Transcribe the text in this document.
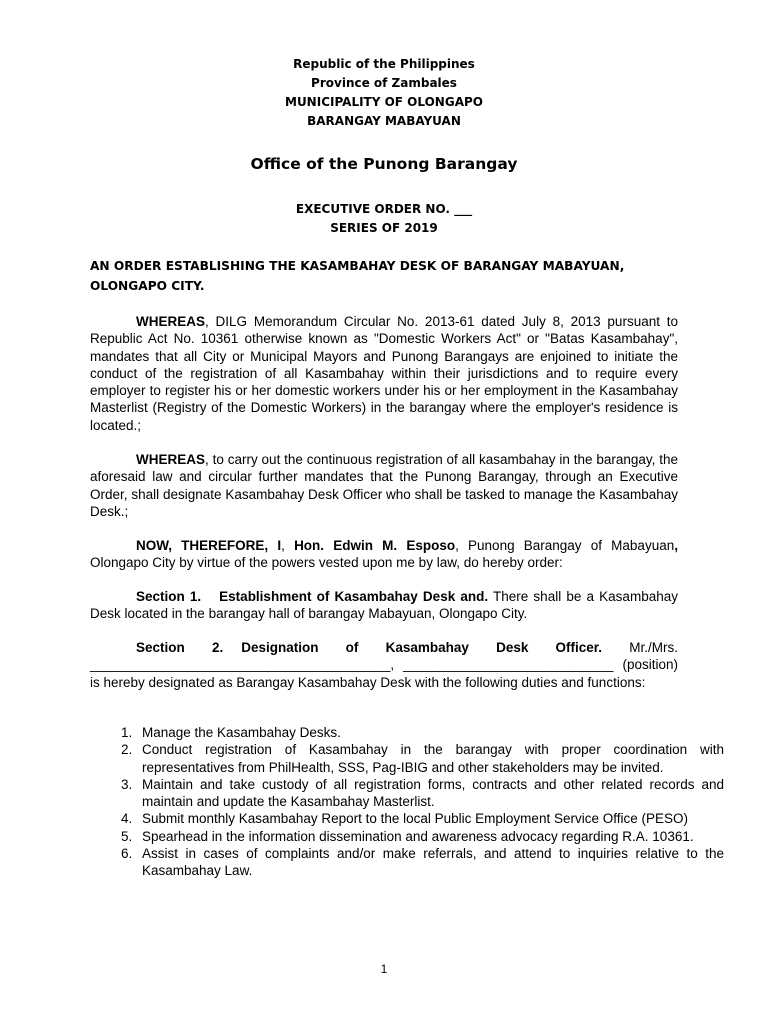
Republic of the Philippines
Province of Zambales
MUNICIPALITY OF OLONGAPO
BARANGAY MABAYUAN
Office of the Punong Barangay
EXECUTIVE ORDER NO. ___
SERIES OF 2019
AN ORDER ESTABLISHING THE KASAMBAHAY DESK OF BARANGAY MABAYUAN, OLONGAPO CITY.
WHEREAS, DILG Memorandum Circular No. 2013-61 dated July 8, 2013 pursuant to Republic Act No. 10361 otherwise known as "Domestic Workers Act" or "Batas Kasambahay", mandates that all City or Municipal Mayors and Punong Barangays are enjoined to initiate the conduct of the registration of all Kasambahay within their jurisdictions and to require every employer to register his or her domestic workers under his or her employment in the Kasambahay Masterlist (Registry of the Domestic Workers) in the barangay where the employer's residence is located.;
WHEREAS, to carry out the continuous registration of all kasambahay in the barangay, the aforesaid law and circular further mandates that the Punong Barangay, through an Executive Order, shall designate Kasambahay Desk Officer who shall be tasked to manage the Kasambahay Desk.;
NOW, THEREFORE, I, Hon. Edwin M. Esposo, Punong Barangay of Mabayuan, Olongapo City by virtue of the powers vested upon me by law, do hereby order:
Section 1. Establishment of Kasambahay Desk and. There shall be a Kasambahay Desk located in the barangay hall of barangay Mabayuan, Olongapo City.
Section 2. Designation of Kasambahay Desk Officer. Mr./Mrs. ________________________________________, ____________________________ (position) is hereby designated as Barangay Kasambahay Desk with the following duties and functions:
1. Manage the Kasambahay Desks.
2. Conduct registration of Kasambahay in the barangay with proper coordination with representatives from PhilHealth, SSS, Pag-IBIG and other stakeholders may be invited.
3. Maintain and take custody of all registration forms, contracts and other related records and maintain and update the Kasambahay Masterlist.
4. Submit monthly Kasambahay Report to the local Public Employment Service Office (PESO)
5. Spearhead in the information dissemination and awareness advocacy regarding R.A. 10361.
6. Assist in cases of complaints and/or make referrals, and attend to inquiries relative to the Kasambahay Law.
1
